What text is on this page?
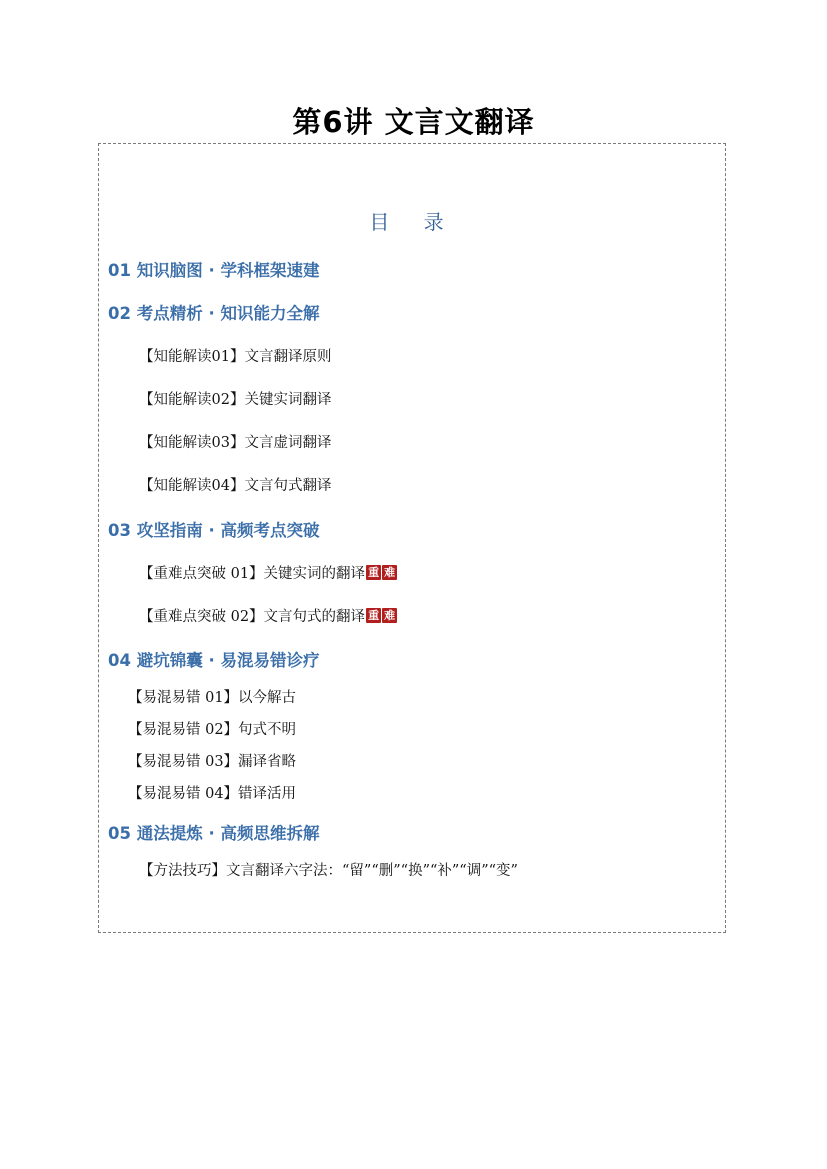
第6讲 文言文翻译
目 录
01 知识脑图 · 学科框架速建
02 考点精析 · 知识能力全解
【知能解读01】文言翻译原则
【知能解读02】关键实词翻译
【知能解读03】文言虚词翻译
【知能解读04】文言句式翻译
03 攻坚指南 · 高频考点突破
【重难点突破 01】关键实词的翻译 重 难
【重难点突破 02】文言句式的翻译 重 难
04 避坑锦囊 · 易混易错诊疗
【易混易错 01】以今解古
【易混易错 02】句式不明
【易混易错 03】漏译省略
【易混易错 04】错译活用
05 通法提炼 · 高频思维拆解
【方法技巧】文言翻译六字法：“留”“删”“换”“补”“调”“变”
